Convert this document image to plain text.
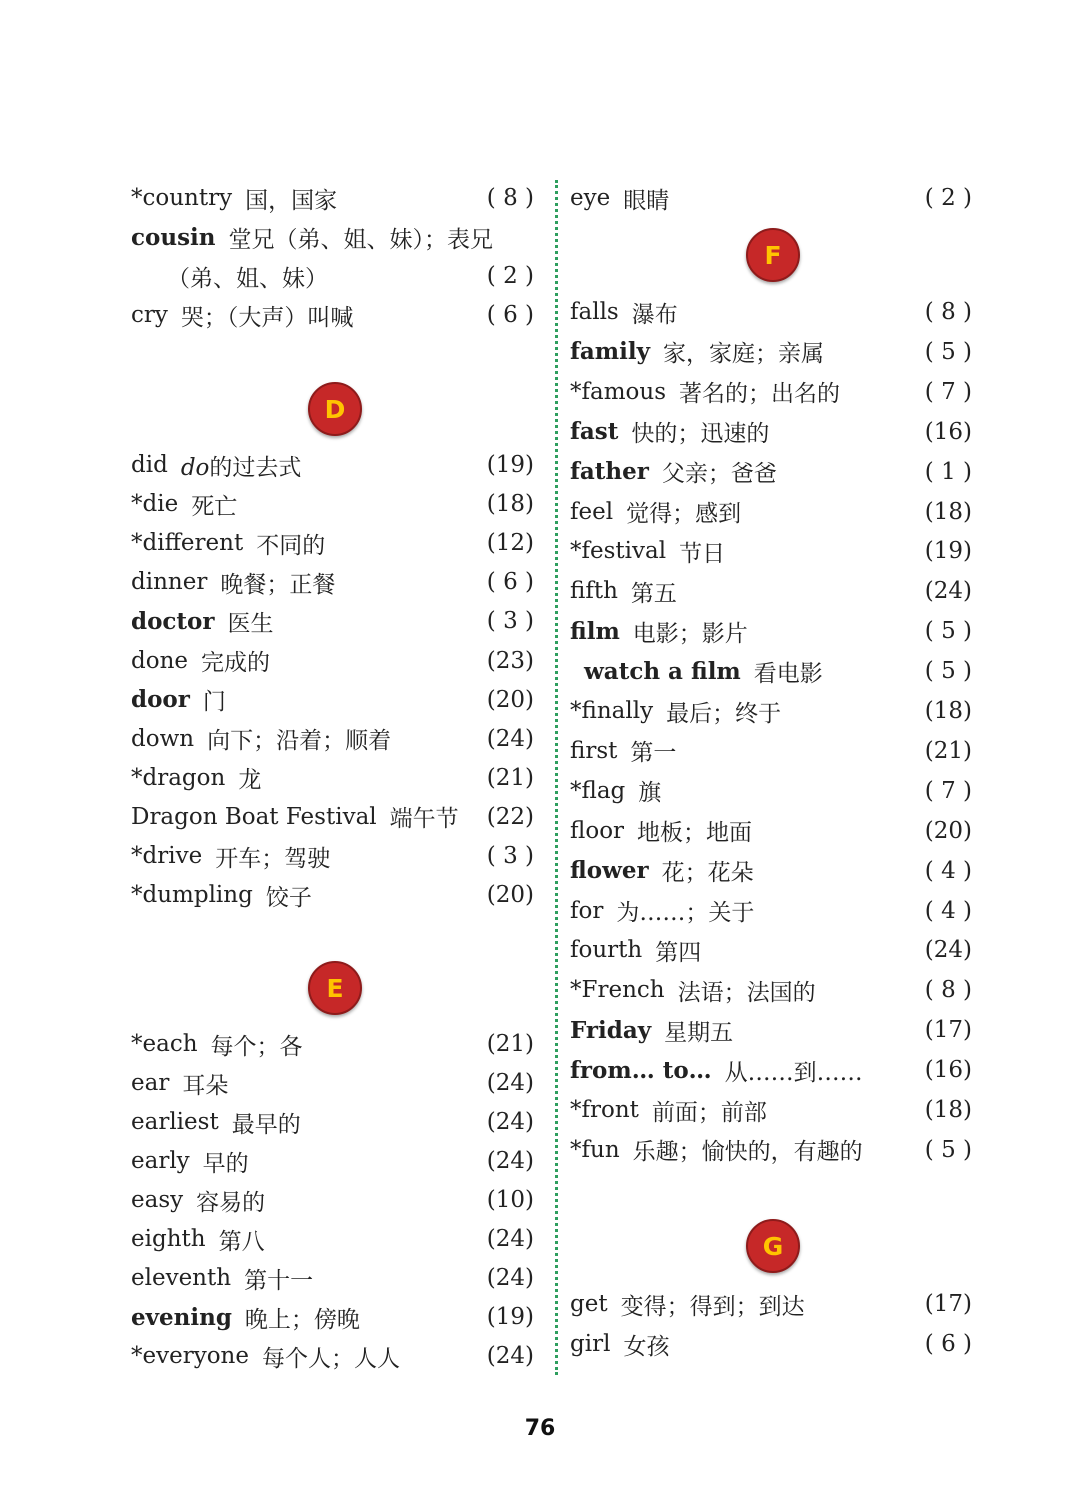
*country 国，国家	( 8 )
cousin 堂兄（弟、姐、妹）；表兄
（弟、姐、妹）	( 2 )
cry 哭；（大声）叫喊	( 6 )
D
did do的过去式	(19)
*die 死亡	(18)
*different 不同的	(12)
dinner 晚餐；正餐	( 6 )
doctor 医生	( 3 )
done 完成的	(23)
door 门	(20)
down 向下；沿着；顺着	(24)
*dragon 龙	(21)
Dragon Boat Festival 端午节 (22)
*drive 开车；驾驶	( 3 )
*dumpling 饺子	(20)
E
*each 每个；各	(21)
ear 耳朵	(24)
earliest 最早的	(24)
early 早的	(24)
easy 容易的	(10)
eighth 第八	(24)
eleventh 第十一	(24)
evening 晚上；傍晚	(19)
*everyone 每个人；人人	(24)
eye 眼睛	( 2 )
F
falls 瀑布	( 8 )
family 家，家庭；亲属	( 5 )
*famous 著名的；出名的	( 7 )
fast 快的；迅速的	(16)
father 父亲；爸爸	( 1 )
feel 觉得；感到	(18)
*festival 节日	(19)
fifth 第五	(24)
film 电影；影片	( 5 )
watch a film 看电影	( 5 )
*finally 最后；终于	(18)
first 第一	(21)
*flag 旗	( 7 )
floor 地板；地面	(20)
flower 花；花朵	( 4 )
for 为……；关于	( 4 )
fourth 第四	(24)
*French 法语；法国的	( 8 )
Friday 星期五	(17)
from… to… 从……到……	(16)
*front 前面；前部	(18)
*fun 乐趣；愉快的，有趣的	( 5 )
G
get 变得；得到；到达	(17)
girl 女孩	( 6 )
76
